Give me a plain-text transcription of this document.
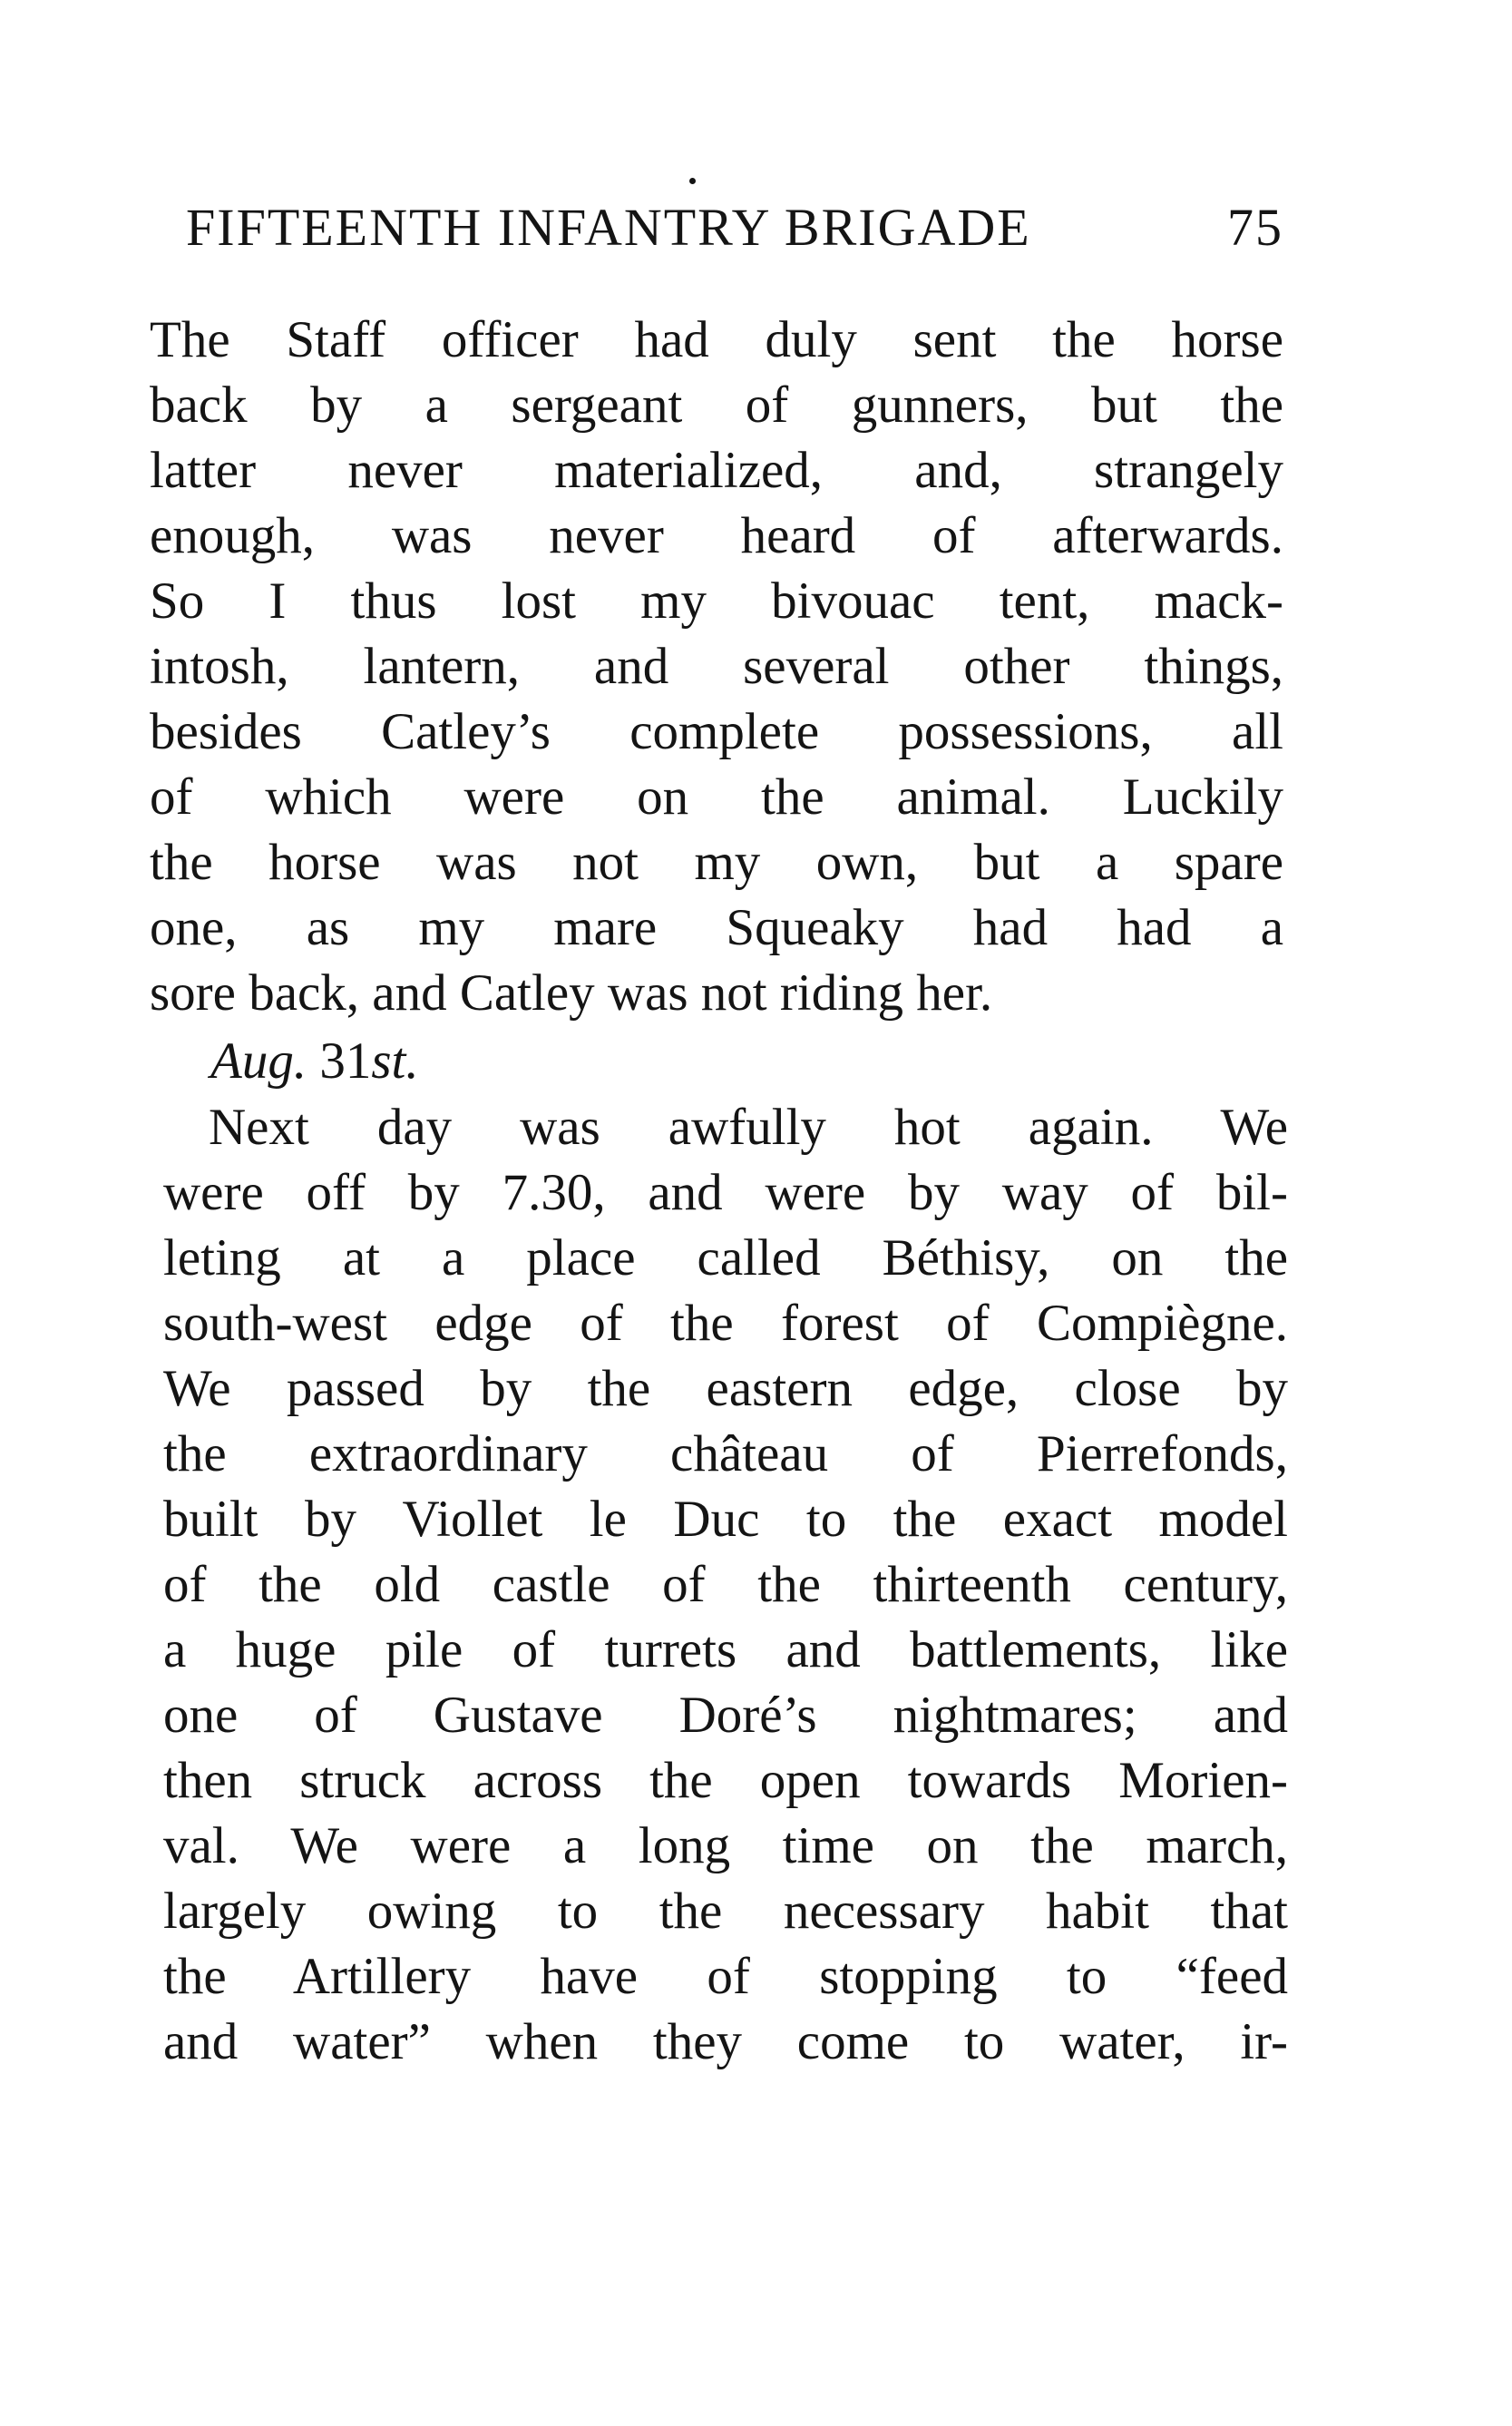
FIFTEENTH INFANTRY BRIGADE	75
The Staff officer had duly sent the horse
back by a sergeant of gunners, but the
latter never materialized, and, strangely
enough, was never heard of afterwards.
So I thus lost my bivouac tent, mack-
intosh, lantern, and several other things,
besides Catley’s complete possessions, all
of which were on the animal. Luckily
the horse was not my own, but a spare
one, as my mare Squeaky had had a
sore back, and Catley was not riding her.
Aug. 31st.
Next day was awfully hot again. We
were off by 7.30, and were by way of bil-
leting at a place called Béthisy, on the
south-west edge of the forest of Compiègne.
We passed by the eastern edge, close by
the extraordinary château of Pierrefonds,
built by Viollet le Duc to the exact model
of the old castle of the thirteenth century,
a huge pile of turrets and battlements, like
one of Gustave Doré’s nightmares; and
then struck across the open towards Morien-
val. We were a long time on the march,
largely owing to the necessary habit that
the Artillery have of stopping to “feed
and water” when they come to water, ir-
